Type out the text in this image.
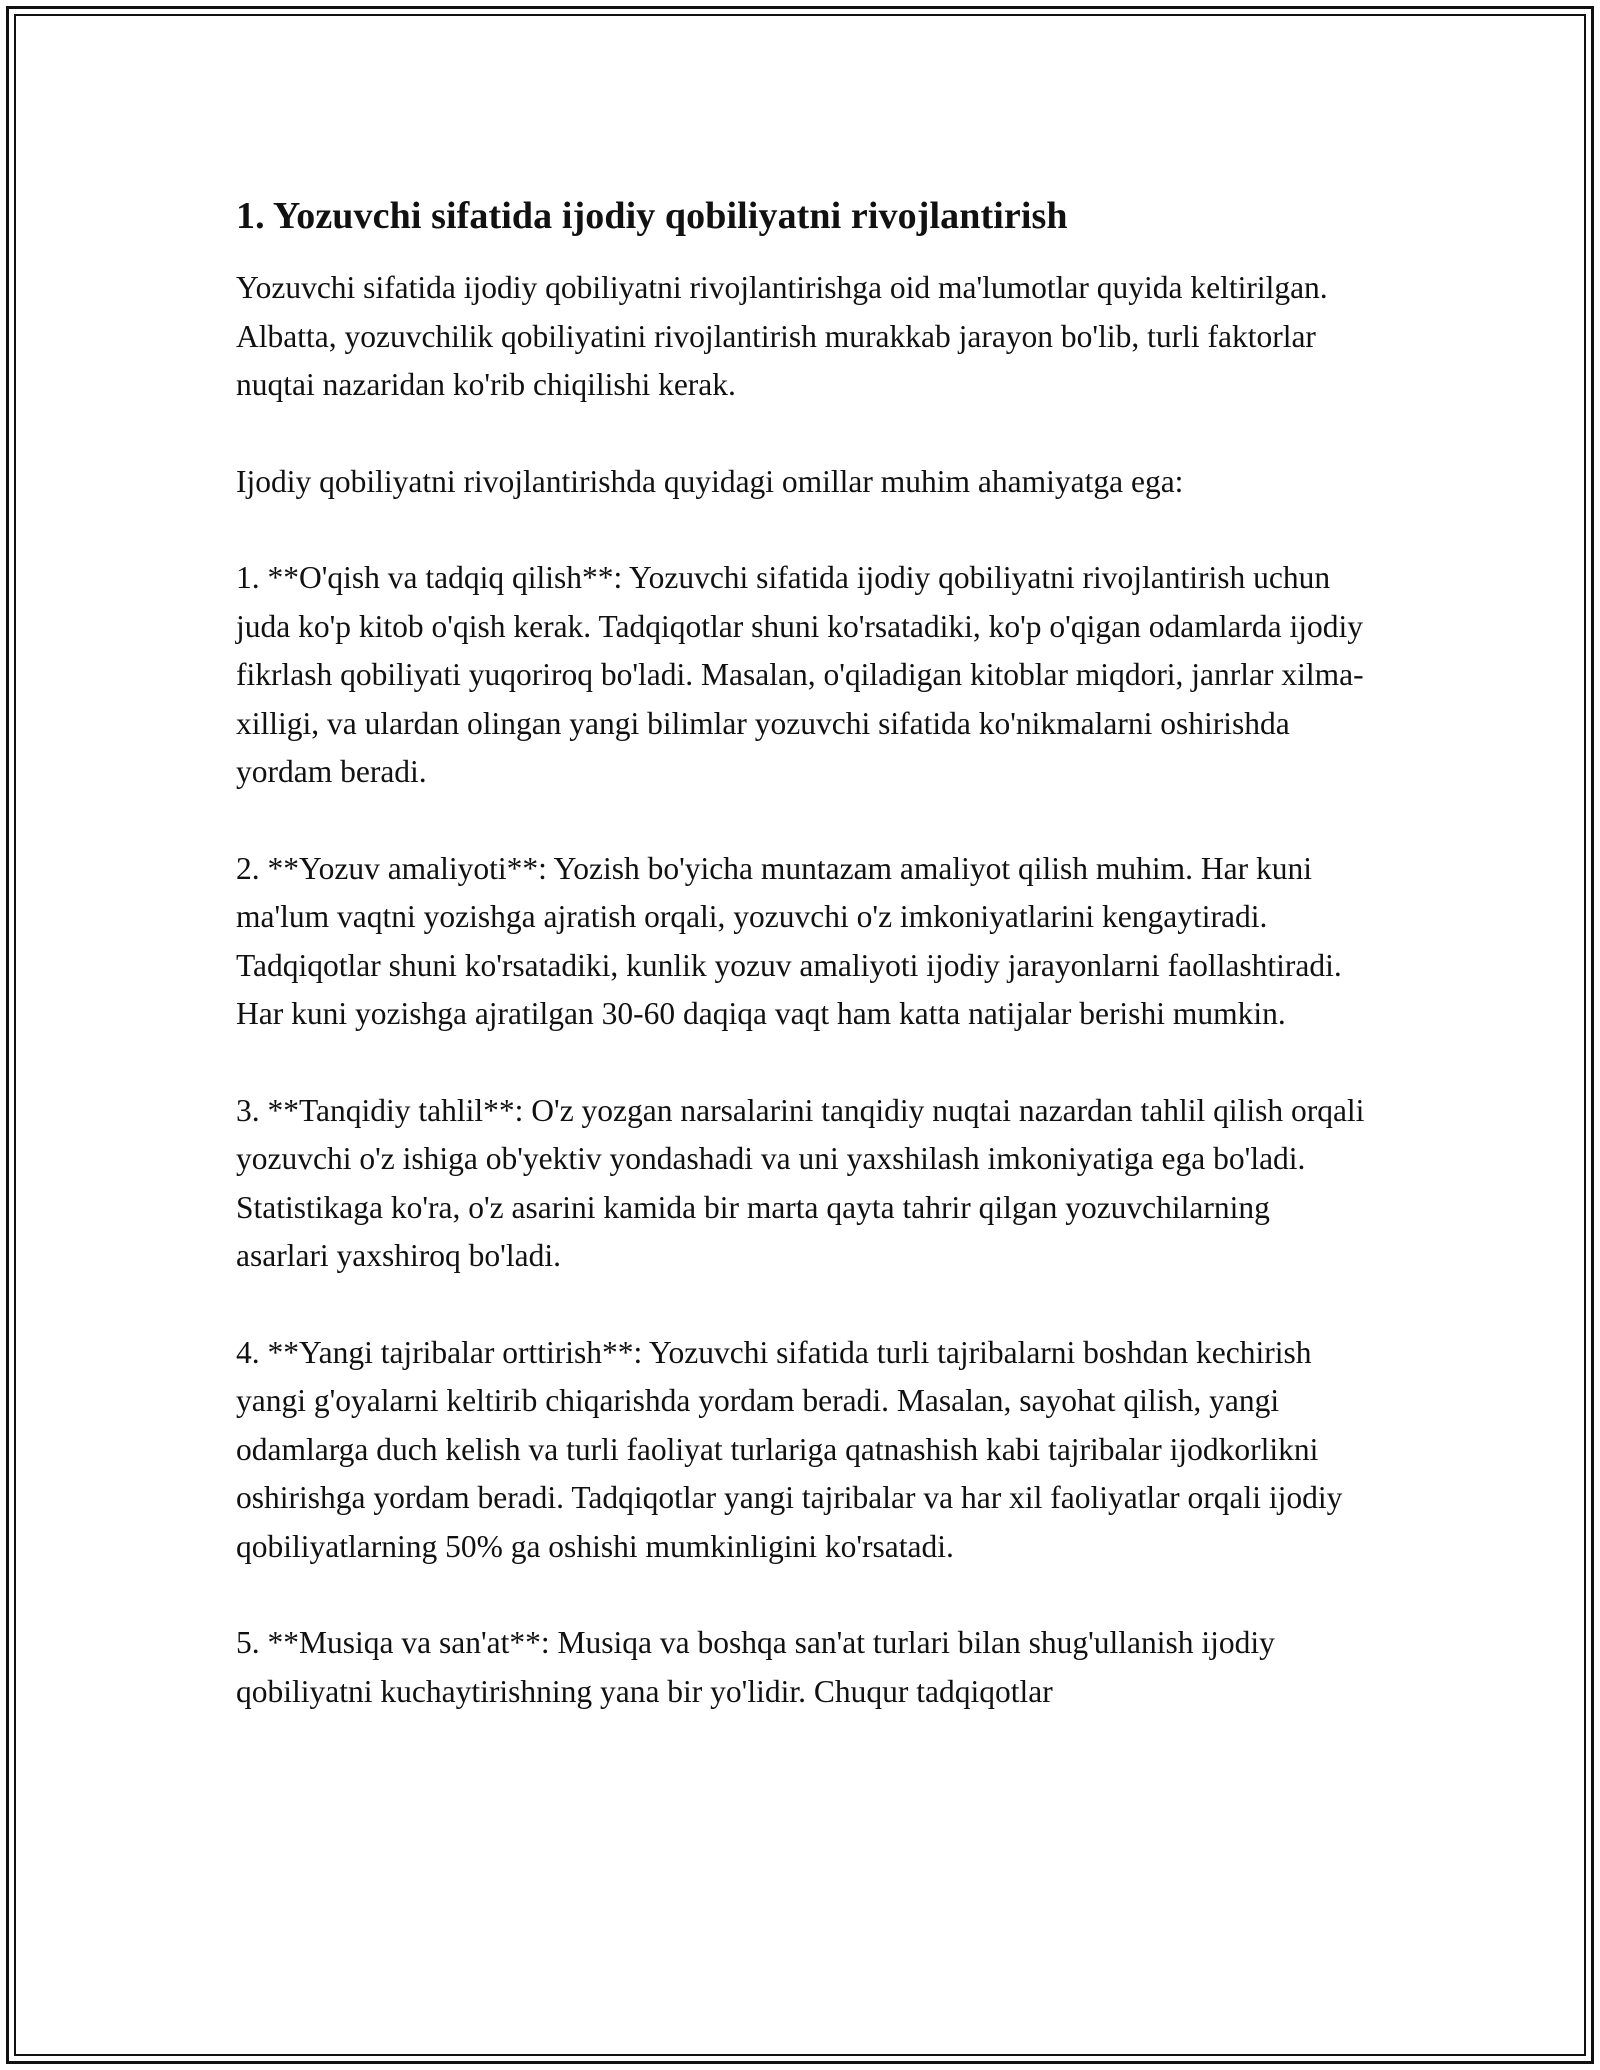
1. Yozuvchi sifatida ijodiy qobiliyatni rivojlantirish

Yozuvchi sifatida ijodiy qobiliyatni rivojlantirishga oid ma'lumotlar quyida keltirilgan. Albatta, yozuvchilik qobiliyatini rivojlantirish murakkab jarayon bo'lib, turli faktorlar nuqtai nazaridan ko'rib chiqilishi kerak.

Ijodiy qobiliyatni rivojlantirishda quyidagi omillar muhim ahamiyatga ega:

1. **O'qish va tadqiq qilish**: Yozuvchi sifatida ijodiy qobiliyatni rivojlantirish uchun juda ko'p kitob o'qish kerak. Tadqiqotlar shuni ko'rsatadiki, ko'p o'qigan odamlarda ijodiy fikrlash qobiliyati yuqoriroq bo'ladi. Masalan, o'qiladigan kitoblar miqdori, janrlar xilma-xilligi, va ulardan olingan yangi bilimlar yozuvchi sifatida ko'nikmalarni oshirishda yordam beradi.

2. **Yozuv amaliyoti**: Yozish bo'yicha muntazam amaliyot qilish muhim. Har kuni ma'lum vaqtni yozishga ajratish orqali, yozuvchi o'z imkoniyatlarini kengaytiradi. Tadqiqotlar shuni ko'rsatadiki, kunlik yozuv amaliyoti ijodiy jarayonlarni faollashtiradi. Har kuni yozishga ajratilgan 30-60 daqiqa vaqt ham katta natijalar berishi mumkin.

3. **Tanqidiy tahlil**: O'z yozgan narsalarini tanqidiy nuqtai nazardan tahlil qilish orqali yozuvchi o'z ishiga ob'yektiv yondashadi va uni yaxshilash imkoniyatiga ega bo'ladi. Statistikaga ko'ra, o'z asarini kamida bir marta qayta tahrir qilgan yozuvchilarning asarlari yaxshiroq bo'ladi.

4. **Yangi tajribalar orttirish**: Yozuvchi sifatida turli tajribalarni boshdan kechirish yangi g'oyalarni keltirib chiqarishda yordam beradi. Masalan, sayohat qilish, yangi odamlarga duch kelish va turli faoliyat turlariga qatnashish kabi tajribalar ijodkorlikni oshirishga yordam beradi. Tadqiqotlar yangi tajribalar va har xil faoliyatlar orqali ijodiy qobiliyatlarning 50% ga oshishi mumkinligini ko'rsatadi.

5. **Musiqa va san'at**: Musiqa va boshqa san'at turlari bilan shug'ullanish ijodiy qobiliyatni kuchaytirishning yana bir yo'lidir. Chuqur tadqiqotlar
